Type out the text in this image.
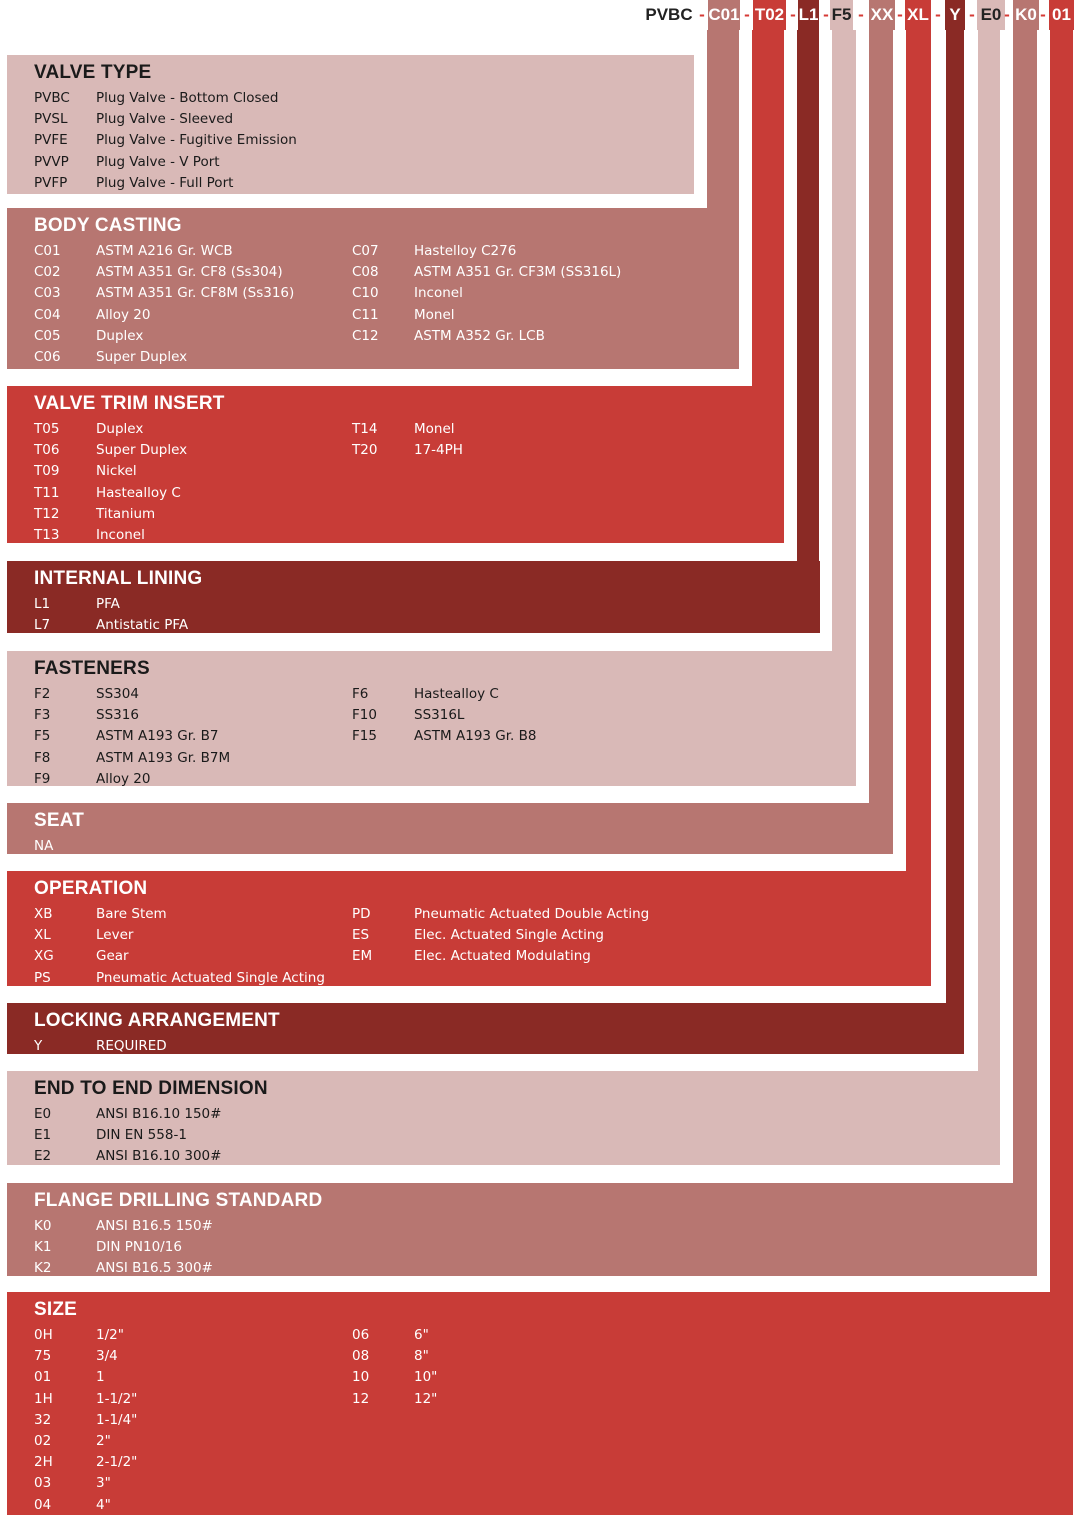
PVBC C01 T02 L1 F5 XX XL Y E0 K0 01
- - - - - - - - - -
VALVE TYPE
PVBC Plug Valve - Bottom Closed
PVSL Plug Valve - Sleeved
PVFE Plug Valve - Fugitive Emission
PVVP Plug Valve - V Port
PVFP Plug Valve - Full Port
BODY CASTING
C01	ASTM A216 Gr. WCB
C02	ASTM A351 Gr. CF8 (Ss304)
C03	ASTM A351 Gr. CF8M (Ss316)
C04	Alloy 20
C05	Duplex
C06	Super Duplex
C07	Hastelloy C276
C08	ASTM A351 Gr. CF3M (SS316L)
C10	Inconel
C11	Monel
C12	ASTM A352 Gr. LCB
VALVE TRIM INSERT
T05	Duplex
T06	Super Duplex
T09	Nickel
T11	Hastealloy C
T12	Titanium
T13	Inconel
T14	Monel
T20	17-4PH
INTERNAL LINING
L1	PFA
L7	Antistatic PFA
FASTENERS
F2	SS304
F3	SS316
F5	ASTM A193 Gr. B7
F8	ASTM A193 Gr. B7M
F9	Alloy 20
F6	Hastealloy C
F10	SS316L
F15	ASTM A193 Gr. B8
SEAT
NA
OPERATION
XB	Bare Stem
XL	Lever
XG	Gear
PS	Pneumatic Actuated Single Acting
PD	Pneumatic Actuated Double Acting
ES	Elec. Actuated Single Acting
EM	Elec. Actuated Modulating
LOCKING ARRANGEMENT
Y	REQUIRED
END TO END DIMENSION
E0	ANSI B16.10 150#
E1	DIN EN 558-1
E2	ANSI B16.10 300#
FLANGE DRILLING STANDARD
K0	ANSI B16.5 150#
K1	DIN PN10/16
K2	ANSI B16.5 300#
SIZE
0H	1/2"
75	3/4
01	1
1H	1-1/2"
32	1-1/4"
02	2"
2H	2-1/2"
03	3"
04	4"
06	6"
08	8"
10	10"
12	12"
